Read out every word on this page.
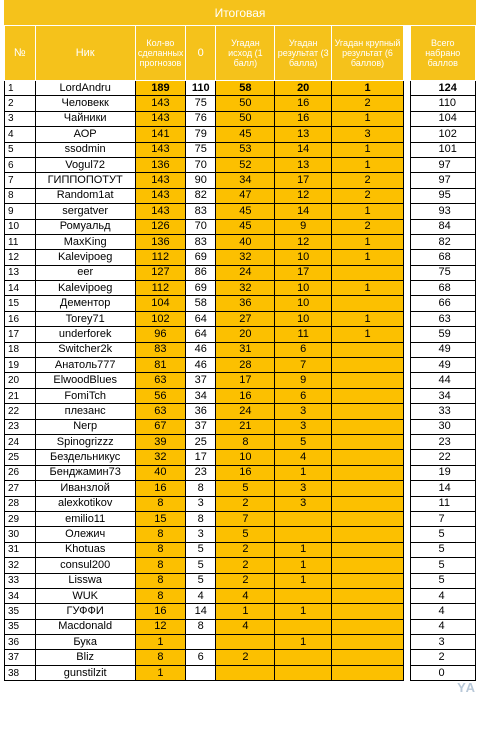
Итоговая
№	Ник	Кол-во сделанных прогнозов	0	Угадан исход (1 балл)	Угадан результат (3 балла)	Угадан крупный результат (6 баллов)		Всего набрано баллов
1	LordAndru	189	110	58	20	1		124
2	Человекк	143	75	50	16	2		110
3	Чайники	143	76	50	16	1		104
4	АОР	141	79	45	13	3		102
5	ssodmin	143	75	53	14	1		101
6	Vogul72	136	70	52	13	1		97
7	ГИППОПОТУТ	143	90	34	17	2		97
8	Random1at	143	82	47	12	2		95
9	sergatver	143	83	45	14	1		93
10	Ромуальд	126	70	45	9	2		84
11	MaxKing	136	83	40	12	1		82
12	Kalevipoeg	112	69	32	10	1		68
13	eer	127	86	24	17			75
14	Kalevipoeg	112	69	32	10	1		68
15	Дементор	104	58	36	10			66
16	Torey71	102	64	27	10	1		63
17	underforek	96	64	20	11	1		59
18	Switcher2k	83	46	31	6			49
19	Анатоль777	81	46	28	7			49
20	ElwoodBlues	63	37	17	9			44
21	FomiTch	56	34	16	6			34
22	плезанс	63	36	24	3			33
23	Nerp	67	37	21	3			30
24	Spinogrizzz	39	25	8	5			23
25	Бездельникус	32	17	10	4			22
26	Бенджамин73	40	23	16	1			19
27	Иванзлой	16	8	5	3			14
28	alexkotikov	8	3	2	3			11
29	emilio11	15	8	7				7
30	Олежич	8	3	5				5
31	Khotuas	8	5	2	1			5
32	consul200	8	5	2	1			5
33	Lisswa	8	5	2	1			5
34	WUK	8	4	4				4
35	ГУФФИ	16	14	1	1			4
35	Macdonald	12	8	4				4
36	Бука	1			1			3
37	Bliz	8	6	2				2
38	gunstilzit	1						0
YA
